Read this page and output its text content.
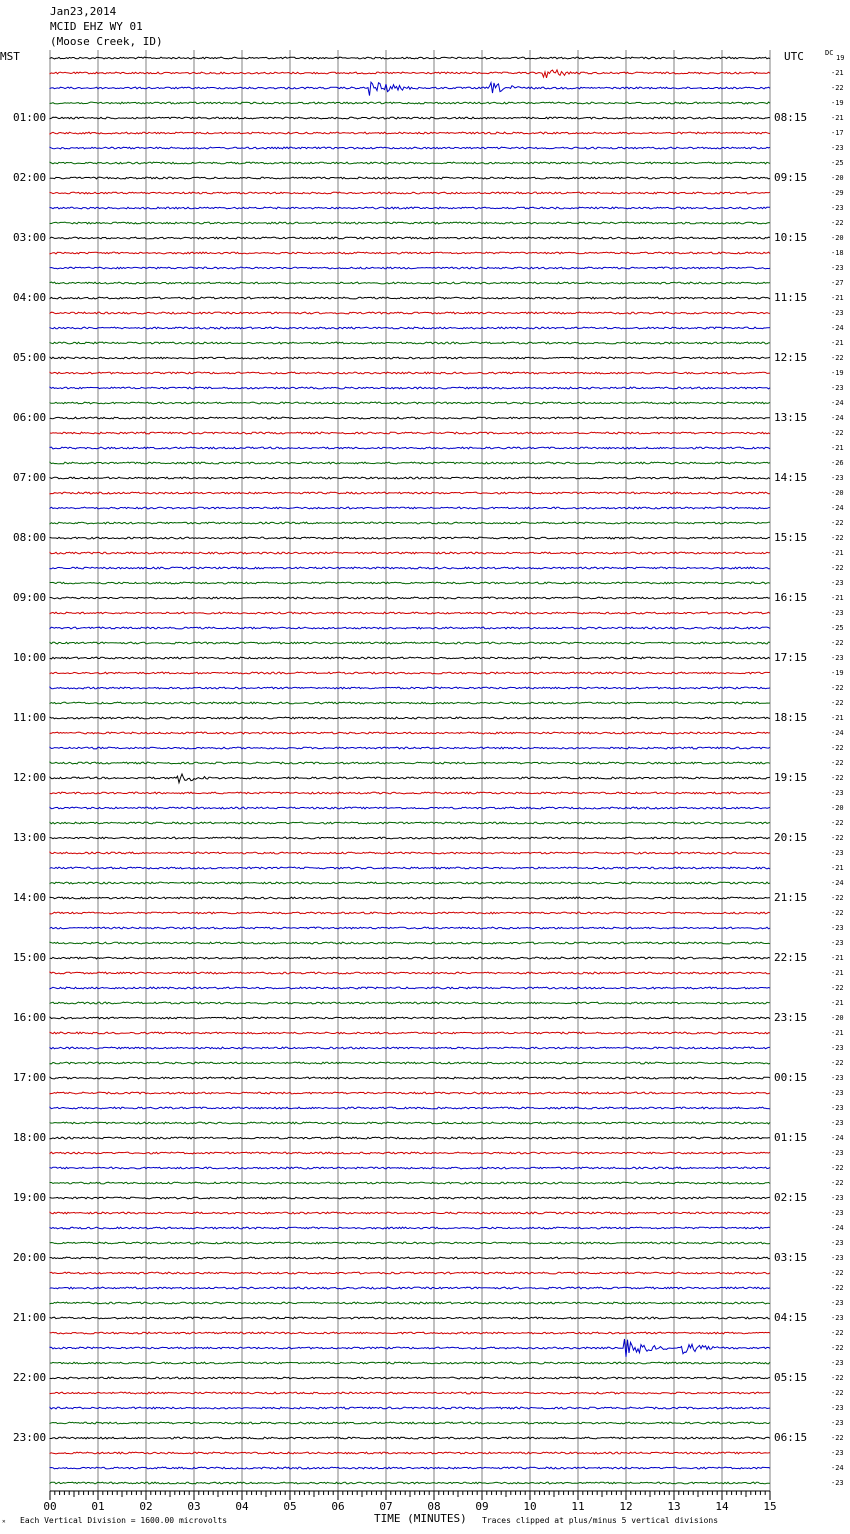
Jan23,2014
MCID EHZ WY 01
(Moose Creek, ID)
MST	UTC	DC
01:00
02:00
03:00
04:00
05:00
06:00
07:00
08:00
09:00
10:00
11:00
12:00
13:00
14:00
15:00
16:00
17:00
18:00
19:00
20:00
21:00
22:00
23:00
08:15
09:15
10:15
11:15
12:15
13:15
14:15
15:15
16:15
17:15
18:15
19:15
20:15
21:15
22:15
23:15
00:15
01:15
02:15
03:15
04:15
05:15
06:15
19
-21
-22
-19
-21
-17
-23
-25
-20
-29
-23
-22
-20
-18
-23
-27
-21
-23
-24
-21
-22
-19
-23
-24
-24
-22
-21
-26
-23
-20
-24
-22
-22
-21
-22
-23
-21
-23
-25
-22
-23
-19
-22
-22
-21
-24
-22
-22
-22
-23
-20
-22
-22
-23
-21
-24
-22
-22
-23
-23
-21
-21
-22
-21
-20
-21
-23
-22
-23
-23
-23
-23
-24
-23
-22
-22
-23
-23
-24
-23
-23
-22
-22
-23
-23
-22
-22
-23
-22
-22
-23
-23
-22
-23
-24
-23
00	01	02	03	04	05	06	07	08	09	10	11	12	13	14	15
✕ Each Vertical Division = 1600.00 microvolts	TIME (MINUTES) Traces clipped at plus/minus 5 vertical divisions
